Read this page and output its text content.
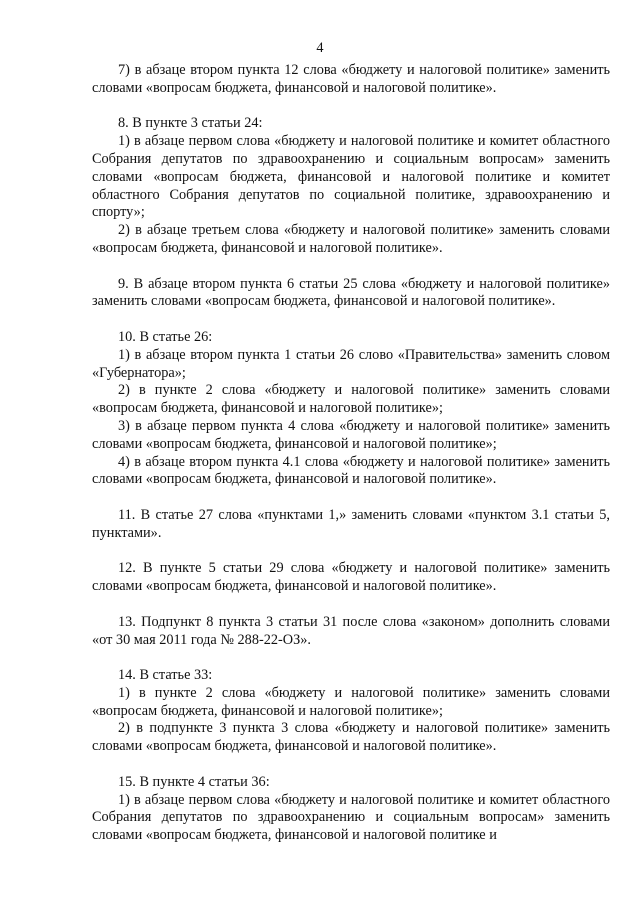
4

7) в абзаце втором пункта 12 слова «бюджету и налоговой политике» заменить словами «вопросам бюджета, финансовой и налоговой политике».

8. В пункте 3 статьи 24:

1) в абзаце первом слова «бюджету и налоговой политике и комитет областного Собрания депутатов по здравоохранению и социальным вопросам» заменить словами «вопросам бюджета, финансовой и налоговой политике и комитет областного Собрания депутатов по социальной политике, здравоохранению и спорту»;

2) в абзаце третьем слова «бюджету и налоговой политике» заменить словами «вопросам бюджета, финансовой и налоговой политике».

9. В абзаце втором пункта 6 статьи 25 слова «бюджету и налоговой политике» заменить словами «вопросам бюджета, финансовой и налоговой политике».

10. В статье 26:

1) в абзаце втором пункта 1 статьи 26 слово «Правительства» заменить словом «Губернатора»;

2) в пункте 2 слова «бюджету и налоговой политике» заменить словами «вопросам бюджета, финансовой и налоговой политике»;

3) в абзаце первом пункта 4 слова «бюджету и налоговой политике» заменить словами «вопросам бюджета, финансовой и налоговой политике»;

4) в абзаце втором пункта 4.1 слова «бюджету и налоговой политике» заменить словами «вопросам бюджета, финансовой и налоговой политике».

11. В статье 27 слова «пунктами 1,» заменить словами «пунктом 3.1 статьи 5, пунктами».

12. В пункте 5 статьи 29 слова «бюджету и налоговой политике» заменить словами «вопросам бюджета, финансовой и налоговой политике».

13. Подпункт 8 пункта 3 статьи 31 после слова «законом» дополнить словами «от 30 мая 2011 года № 288-22-ОЗ».

14. В статье 33:

1) в пункте 2 слова «бюджету и налоговой политике» заменить словами «вопросам бюджета, финансовой и налоговой политике»;

2) в подпункте 3 пункта 3 слова «бюджету и налоговой политике» заменить словами «вопросам бюджета, финансовой и налоговой политике».

15. В пункте 4 статьи 36:

1) в абзаце первом слова «бюджету и налоговой политике и комитет областного Собрания депутатов по здравоохранению и социальным вопросам» заменить словами «вопросам бюджета, финансовой и налоговой политике и
